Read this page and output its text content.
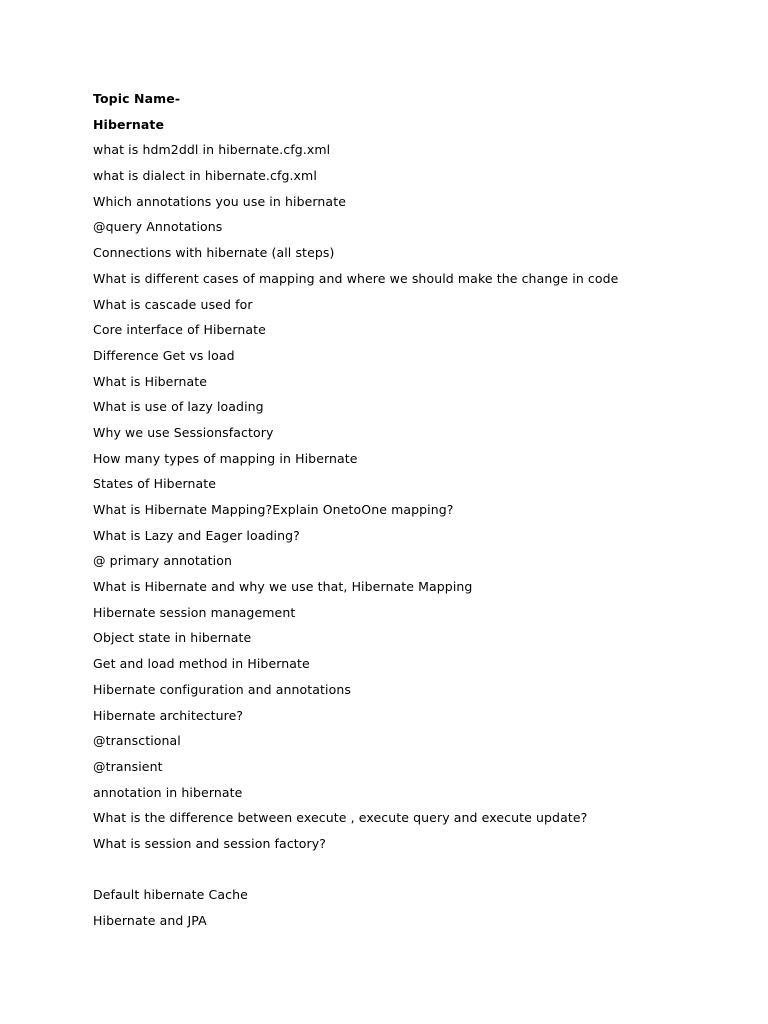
Topic Name-
Hibernate
what is hdm2ddl in hibernate.cfg.xml
what is dialect in hibernate.cfg.xml
Which annotations you use in hibernate
@query Annotations
Connections with hibernate (all steps)
What is different cases of mapping and where we should make the change in code
What is cascade used for
Core interface of Hibernate
Difference Get vs load
What is Hibernate
What is use of lazy loading
Why we use Sessionsfactory
How many types of mapping in Hibernate
States of Hibernate
What is Hibernate Mapping?Explain OnetoOne mapping?
What is Lazy and Eager loading?
@ primary annotation
What is Hibernate and why we use that, Hibernate Mapping
Hibernate session management
Object state in hibernate
Get and load method in Hibernate
Hibernate configuration and annotations
Hibernate architecture?
@transctional
@transient
annotation in hibernate
What is the difference between execute , execute query and execute update?
What is session and session factory?
Default hibernate Cache
Hibernate and JPA
